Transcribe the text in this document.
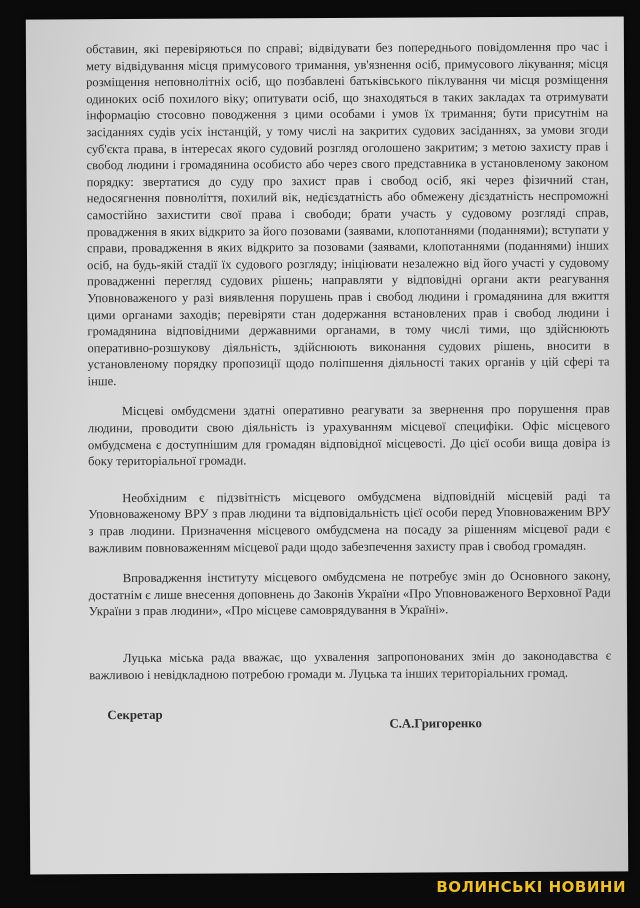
обставин, які перевіряються по справі; відвідувати без попереднього повідомлення про час і мету відвідування місця примусового тримання, ув'язнення осіб, примусового лікування; місця розміщення неповнолітніх осіб, що позбавлені батьківського піклування чи місця розміщення одиноких осіб похилого віку; опитувати осіб, що знаходяться в таких закладах та отримувати інформацію стосовно поводження з цими особами і умов їх тримання; бути присутнім на засіданнях судів усіх інстанцій, у тому числі на закритих судових засіданнях, за умови згоди суб'єкта права, в інтересах якого судовий розгляд оголошено закритим; з метою захисту прав і свобод людини і громадянина особисто або через свого представника в установленому законом порядку: звертатися до суду про захист прав і свобод осіб, які через фізичний стан, недосягнення повноліття, похилий вік, недієздатність або обмежену дієздатність неспроможні самостійно захистити свої права і свободи; брати участь у судовому розгляді справ, провадження в яких відкрито за його позовами (заявами, клопотаннями (поданнями); вступати у справи, провадження в яких відкрито за позовами (заявами, клопотаннями (поданнями) інших осіб, на будь-якій стадії їх судового розгляду; ініціювати незалежно від його участі у судовому провадженні перегляд судових рішень; направляти у відповідні органи акти реагування Уповноваженого у разі виявлення порушень прав і свобод людини і громадянина для вжиття цими органами заходів; перевіряти стан додержання встановлених прав і свобод людини і громадянина відповідними державними органами, в тому числі тими, що здійснюють оперативно-розшукову діяльність, здійснюють виконання судових рішень, вносити в установленому порядку пропозиції щодо поліпшення діяльності таких органів у цій сфері та інше.

Місцеві омбудсмени здатні оперативно реагувати за звернення про порушення прав людини, проводити свою діяльність із урахуванням місцевої специфіки. Офіс місцевого омбудсмена є доступнішим для громадян відповідної місцевості. До цієї особи вища довіра із боку територіальної громади.

Необхідним є підзвітність місцевого омбудсмена відповідній місцевій раді та Уповноваженому ВРУ з прав людини та відповідальність цієї особи перед Уповноваженим ВРУ з прав людини. Призначення місцевого омбудсмена на посаду за рішенням місцевої ради є важливим повноваженням місцевої ради щодо забезпечення захисту прав і свобод громадян.

Впровадження інституту місцевого омбудсмена не потребує змін до Основного закону, достатнім є лише внесення доповнень до Законів України «Про Уповноваженого Верховної Ради України з прав людини», «Про місцеве самоврядування в Україні».

Луцька міська рада вважає, що ухвалення запропонованих змін до законодавства є важливою і невідкладною потребою громади м. Луцька та інших територіальних громад.

Секретар
С.А.Григоренко
ВОЛИНСЬКІ НОВИНИ
